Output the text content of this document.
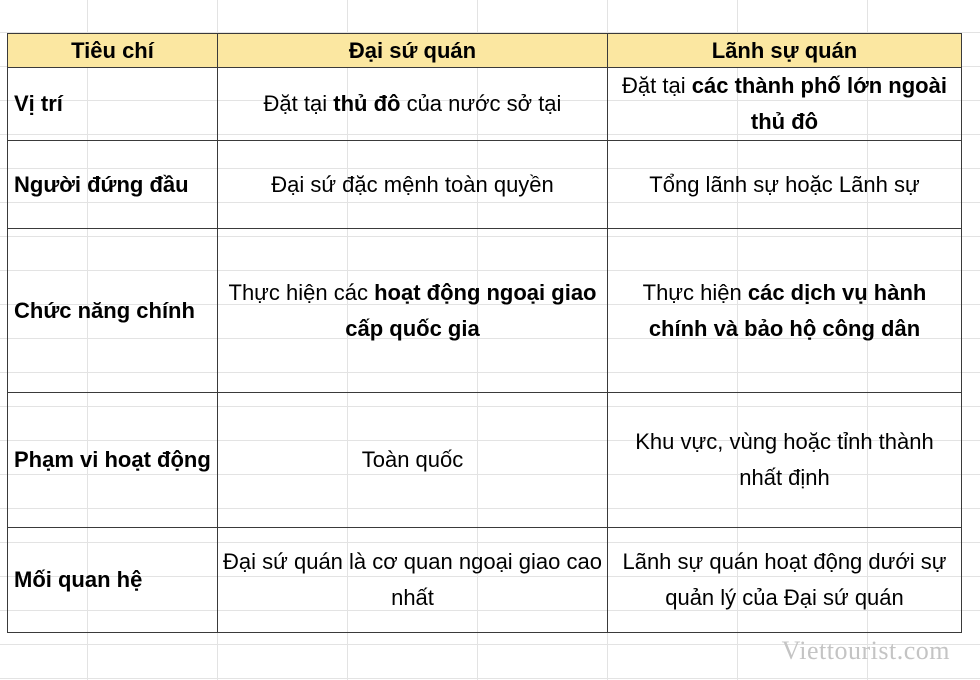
Tiêu chí	Đại sứ quán	Lãnh sự quán
Vị trí	Đặt tại thủ đô của nước sở tại	Đặt tại các thành phố lớn ngoài thủ đô
Người đứng đầu	Đại sứ đặc mệnh toàn quyền	Tổng lãnh sự hoặc Lãnh sự
Chức năng chính	Thực hiện các hoạt động ngoại giao cấp quốc gia	Thực hiện các dịch vụ hành chính và bảo hộ công dân
Phạm vi hoạt động	Toàn quốc	Khu vực, vùng hoặc tỉnh thành nhất định
Mối quan hệ	Đại sứ quán là cơ quan ngoại giao cao nhất	Lãnh sự quán hoạt động dưới sự quản lý của Đại sứ quán
Viettourist.com
